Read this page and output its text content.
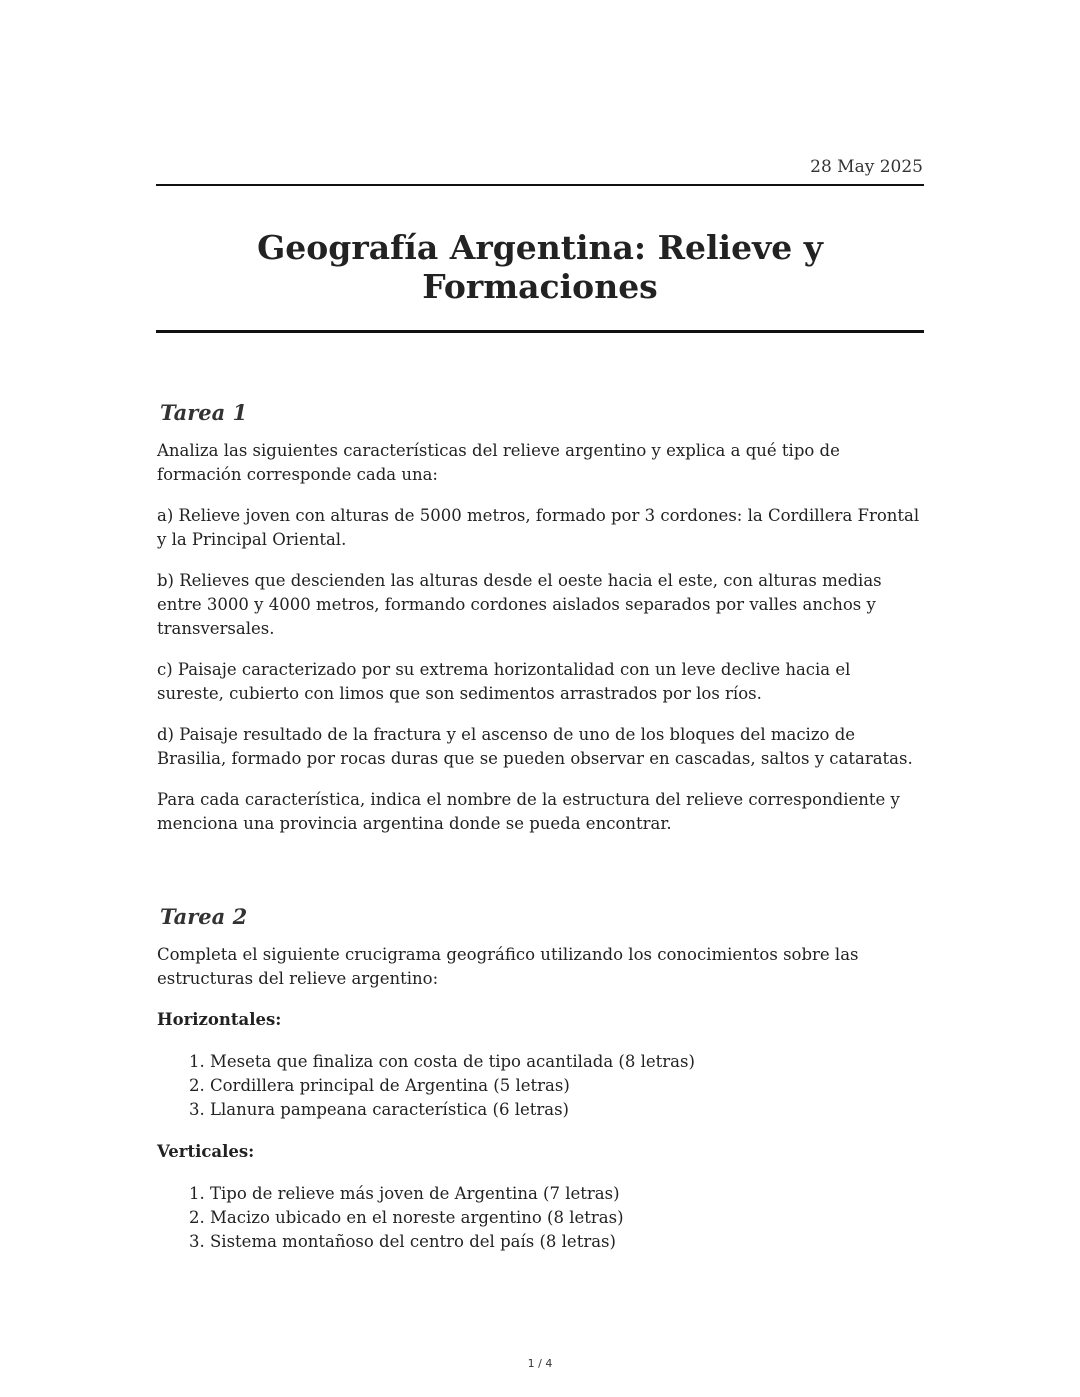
28 May 2025
Geografía Argentina: Relieve y Formaciones
Tarea 1

Analiza las siguientes características del relieve argentino y explica a qué tipo de formación corresponde cada una:

a) Relieve joven con alturas de 5000 metros, formado por 3 cordones: la Cordillera Frontal y la Principal Oriental.

b) Relieves que descienden las alturas desde el oeste hacia el este, con alturas medias entre 3000 y 4000 metros, formando cordones aislados separados por valles anchos y transversales.

c) Paisaje caracterizado por su extrema horizontalidad con un leve declive hacia el sureste, cubierto con limos que son sedimentos arrastrados por los ríos.

d) Paisaje resultado de la fractura y el ascenso de uno de los bloques del macizo de Brasilia, formado por rocas duras que se pueden observar en cascadas, saltos y cataratas.

Para cada característica, indica el nombre de la estructura del relieve correspondiente y menciona una provincia argentina donde se pueda encontrar.

Tarea 2

Completa el siguiente crucigrama geográfico utilizando los conocimientos sobre las estructuras del relieve argentino:

Horizontales:
1. Meseta que finaliza con costa de tipo acantilada (8 letras)
2. Cordillera principal de Argentina (5 letras)
3. Llanura pampeana característica (6 letras)
Verticales:
1. Tipo de relieve más joven de Argentina (7 letras)
2. Macizo ubicado en el noreste argentino (8 letras)
3. Sistema montañoso del centro del país (8 letras)
1 / 4
